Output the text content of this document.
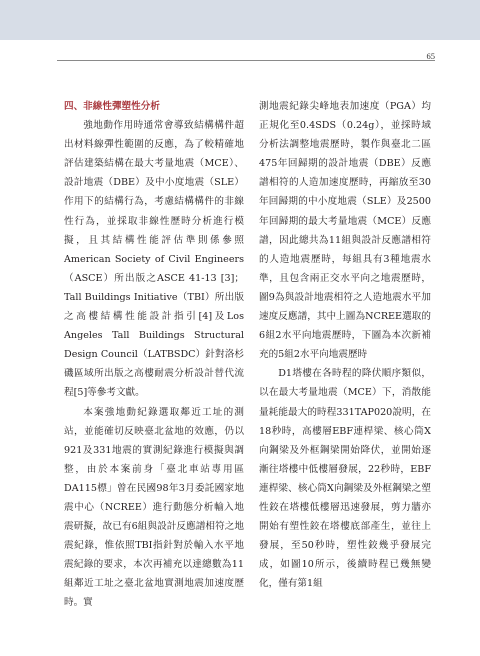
65

四、非線性彈塑性分析

強地動作用時通常會導致結構構件超出材料線彈性範圍的反應，為了較精確地評估建築結構在最大考量地震（MCE）、設計地震（DBE）及中小度地震（SLE）作用下的結構行為，考慮結構構件的非線性行為，並採取非線性歷時分析進行模擬，且其結構性能評估準則係參照American Society of Civil Engineers（ASCE）所出版之ASCE 41-13 [3]；Tall Buildings Initiative（TBI）所出版之高樓結構性能設計指引[4]及Los Angeles Tall Buildings Structural Design Council（LATBSDC）針對洛杉磯區域所出版之高樓耐震分析設計替代流程[5]等參考文獻。

本案強地動紀錄選取鄰近工址的測站，並能確切反映臺北盆地的效應，仍以921及331地震的實測紀錄進行模擬與調整，由於本案前身「臺北車站專用區DA115標」曾在民國98年3月委託國家地震中心（NCREE）進行動態分析輸入地震研擬，故已有6組與設計反應譜相符之地震紀錄，惟依照TBI指針對於輸入水平地震紀錄的要求，本次再補充以達總數為11組鄰近工址之臺北盆地實測地震加速度歷時。實

測地震紀錄尖峰地表加速度（PGA）均正規化至0.4SDS（0.24g），並採時域分析法調整地震歷時，製作與臺北二區475年回歸期的設計地震（DBE）反應譜相符的人造加速度歷時，再縮放至30年回歸期的中小度地震（SLE）及2500年回歸期的最大考量地震（MCE）反應譜，因此總共為11組與設計反應譜相符的人造地震歷時，每組具有3種地震水準，且包含兩正交水平向之地震歷時，圖9為與設計地震相符之人造地震水平加速度反應譜，其中上圖為NCREE選取的6組2水平向地震歷時，下圖為本次新補充的5組2水平向地震歷時

D1塔樓在各時程的降伏順序類似，以在最大考量地震（MCE）下，消散能量耗能最大的時程331TAP020說明，在18秒時，高樓層EBF連桿梁、核心筒X向鋼梁及外框鋼梁開始降伏，並開始逐漸往塔樓中低樓層發展，22秒時，EBF連桿梁、核心筒X向鋼梁及外框鋼梁之塑性鉸在塔樓低樓層迅速發展，剪力牆亦開始有塑性鉸在塔樓底部產生，並往上發展，至50秒時，塑性鉸幾乎發展完成，如圖10所示，後續時程已幾無變化，僅有第1組
